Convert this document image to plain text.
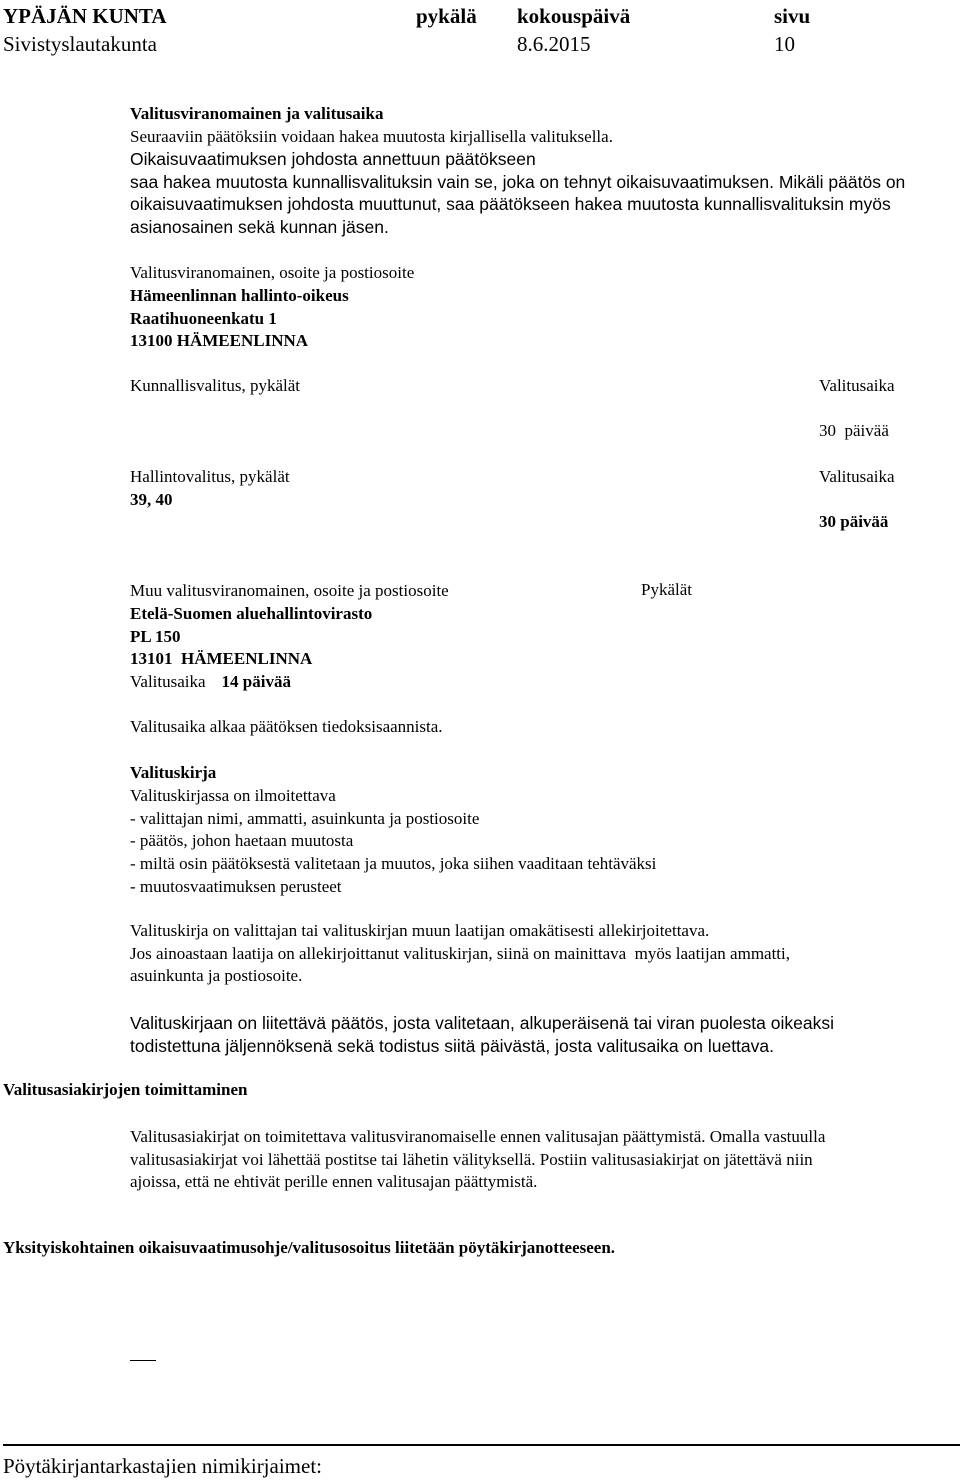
YPÄJÄN KUNTA
Sivistyslautakunta
pykälä kokouspäivä
8.6.2015
sivu
10
Valitusviranomainen ja valitusaika
Seuraaviin päätöksiin voidaan hakea muutosta kirjallisella valituksella.
Oikaisuvaatimuksen johdosta annettuun päätökseen
saa hakea muutosta kunnallisvalituksin vain se, joka on tehnyt oikaisuvaatimuksen. Mikäli päätös on
oikaisuvaatimuksen johdosta muuttunut, saa päätökseen hakea muutosta kunnallisvalituksin myös
asianosainen sekä kunnan jäsen.
Valitusviranomainen, osoite ja postiosoite
Hämeenlinnan hallinto-oikeus
Raatihuoneenkatu 1
13100 HÄMEENLINNA
Kunnallisvalitus, pykälät	Valitusaika
30  päivää
Hallintovalitus, pykälät
39, 40
Valitusaika
30 päivää
Muu valitusviranomainen, osoite ja postiosoite
Etelä-Suomen aluehallintovirasto
PL 150
13101  HÄMEENLINNA
Valitusaika 14 päivää
Pykälät
Valitusaika alkaa päätöksen tiedoksisaannista.
Valituskirja
Valituskirjassa on ilmoitettava
- valittajan nimi, ammatti, asuinkunta ja postiosoite
- päätös, johon haetaan muutosta
- miltä osin päätöksestä valitetaan ja muutos, joka siihen vaaditaan tehtäväksi
- muutosvaatimuksen perusteet
Valituskirja on valittajan tai valituskirjan muun laatijan omakätisesti allekirjoitettava.
Jos ainoastaan laatija on allekirjoittanut valituskirjan, siinä on mainittava  myös laatijan ammatti,
asuinkunta ja postiosoite.
Valituskirjaan on liitettävä päätös, josta valitetaan, alkuperäisenä tai viran puolesta oikeaksi
todistettuna jäljennöksenä sekä todistus siitä päivästä, josta valitusaika on luettava.
Valitusasiakirjojen toimittaminen
Valitusasiakirjat on toimitettava valitusviranomaiselle ennen valitusajan päättymistä. Omalla vastuulla
valitusasiakirjat voi lähettää postitse tai lähetin välityksellä. Postiin valitusasiakirjat on jätettävä niin
ajoissa, että ne ehtivät perille ennen valitusajan päättymistä.
Yksityiskohtainen oikaisuvaatimusohje/valitusosoitus liitetään pöytäkirjanotteeseen.
Pöytäkirjantarkastajien nimikirjaimet:
